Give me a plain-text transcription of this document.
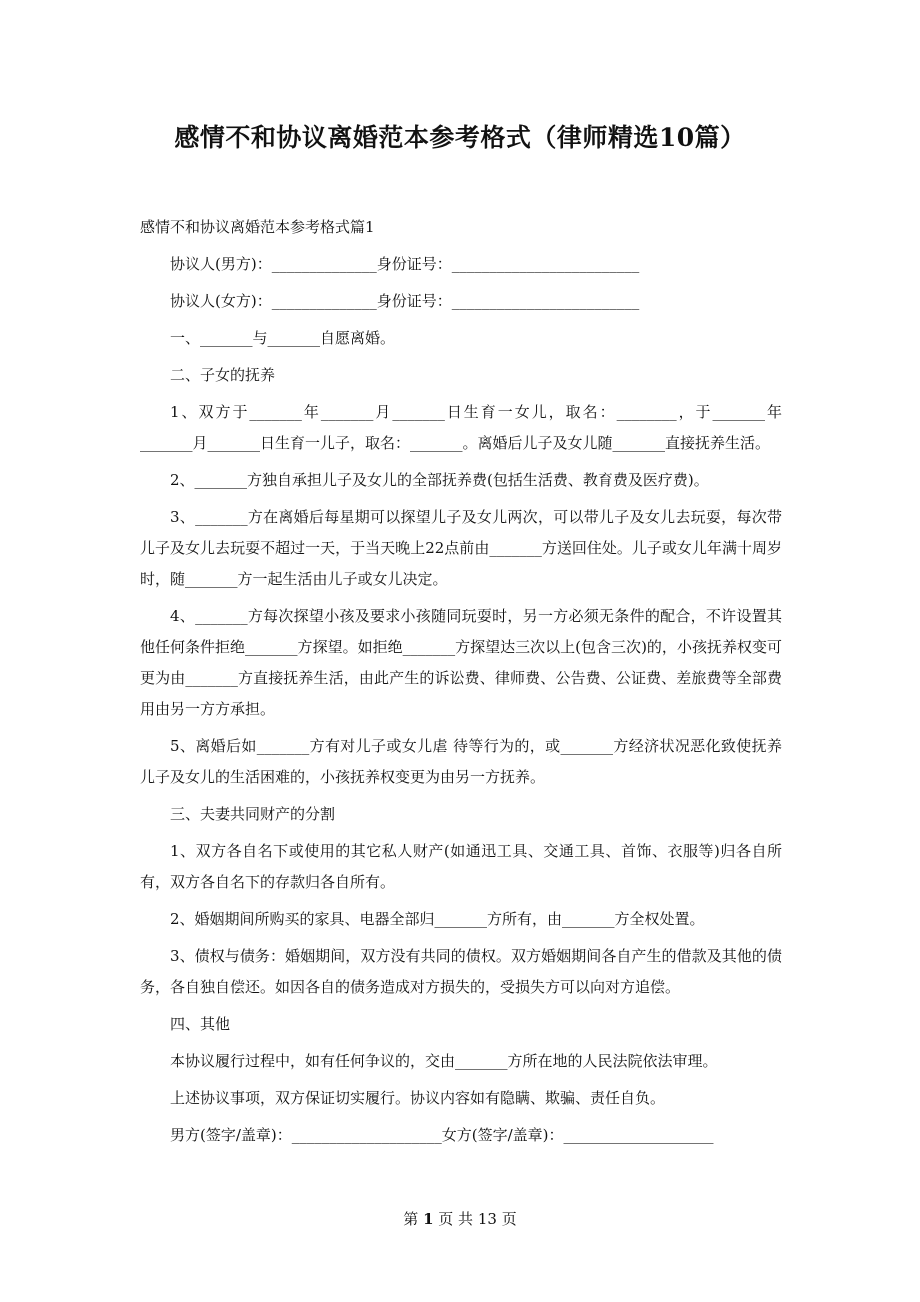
感情不和协议离婚范本参考格式（律师精选10篇）

感情不和协议离婚范本参考格式篇1

协议人(男方)：______________身份证号：_________________________

协议人(女方)：______________身份证号：_________________________

一、_______与_______自愿离婚。

二、子女的抚养

1、双方于_______年_______月_______日生育一女儿，取名：________，于_______年_______月_______日生育一儿子，取名：_______。离婚后儿子及女儿随_______直接抚养生活。

2、_______方独自承担儿子及女儿的全部抚养费(包括生活费、教育费及医疗费)。

3、_______方在离婚后每星期可以探望儿子及女儿两次，可以带儿子及女儿去玩耍，每次带儿子及女儿去玩耍不超过一天，于当天晚上22点前由_______方送回住处。儿子或女儿年满十周岁时，随_______方一起生活由儿子或女儿决定。

4、_______方每次探望小孩及要求小孩随同玩耍时，另一方必须无条件的配合，不许设置其他任何条件拒绝_______方探望。如拒绝_______方探望达三次以上(包含三次)的，小孩抚养权变可更为由_______方直接抚养生活，由此产生的诉讼费、律师费、公告费、公证费、差旅费等全部费用由另一方方承担。

5、离婚后如_______方有对儿子或女儿虐 待等行为的，或_______方经济状况恶化致使抚养儿子及女儿的生活困难的，小孩抚养权变更为由另一方抚养。

三、夫妻共同财产的分割

1、双方各自名下或使用的其它私人财产(如通迅工具、交通工具、首饰、衣服等)归各自所有，双方各自名下的存款归各自所有。

2、婚姻期间所购买的家具、电器全部归_______方所有，由_______方全权处置。

3、债权与债务：婚姻期间，双方没有共同的债权。双方婚姻期间各自产生的借款及其他的债务，各自独自偿还。如因各自的债务造成对方损失的，受损失方可以向对方追偿。

四、其他

本协议履行过程中，如有任何争议的，交由_______方所在地的人民法院依法审理。

上述协议事项，双方保证切实履行。协议内容如有隐瞒、欺骗、责任自负。

男方(签字/盖章)：____________________女方(签字/盖章)：____________________

第 1 页 共 13 页
